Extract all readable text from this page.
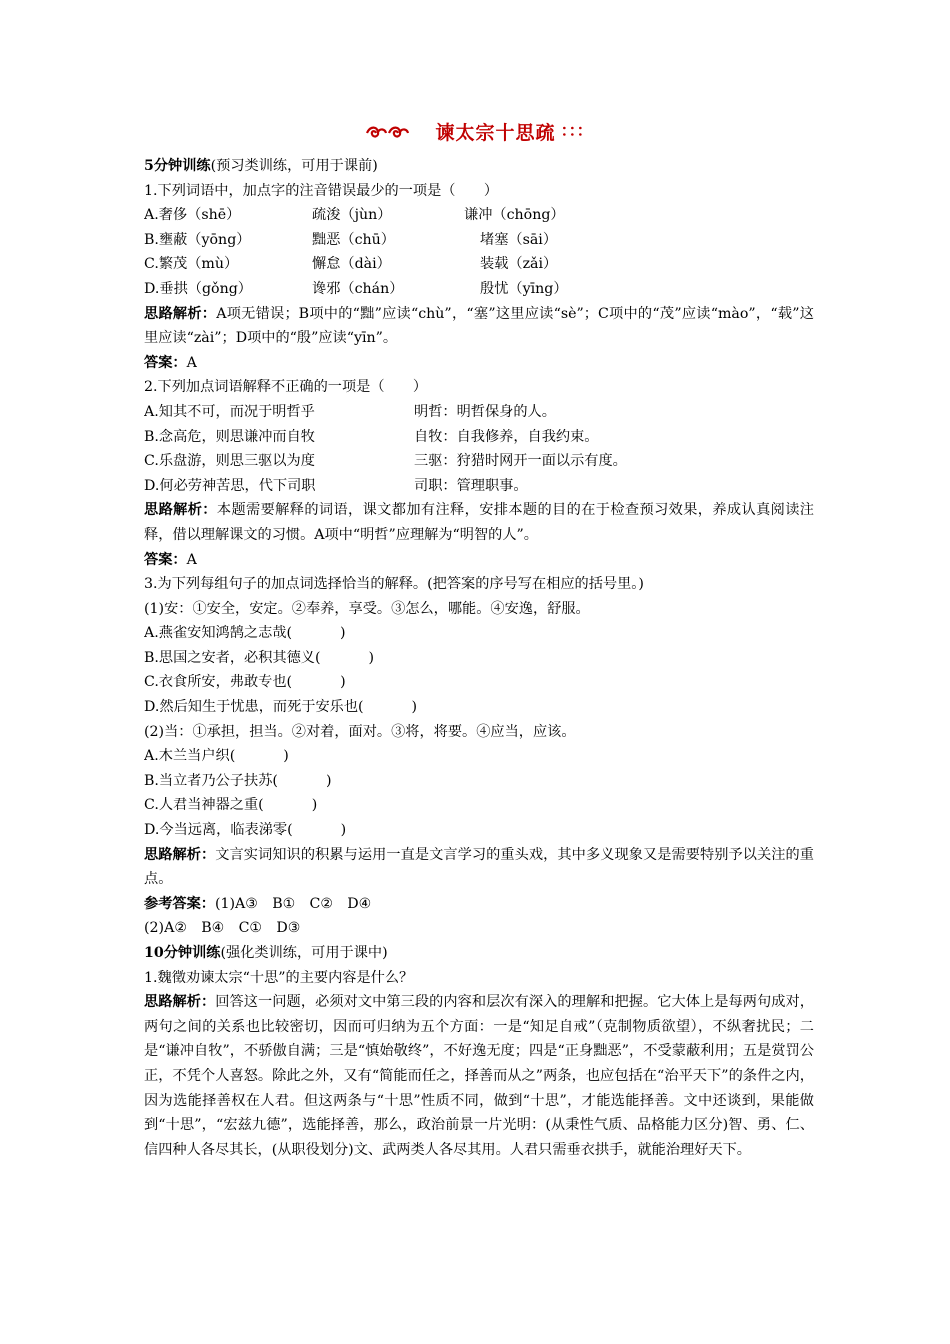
谏太宗十思疏 ：：：
5分钟训练(预习类训练，可用于课前)
1.下列词语中，加点字的注音错误最少的一项是（　　）
A.奢侈（shē）	疏浚（jùn）	谦冲（chōng）
B.壅蔽（yōng）	黜恶（chū）	堵塞（sāi）
C.繁茂（mù）	懈怠（dài）	装载（zǎi）
D.垂拱（gǒng）	谗邪（chán）	殷忧（yīng）
思路解析：A项无错误；B项中的“黜”应读“chù”，“塞”这里应读“sè”；C项中的“茂”应读“mào”，“载”这里应读“zài”；D项中的“殷”应读“yīn”。
答案：A
2.下列加点词语解释不正确的一项是（　　）
A.知其不可，而况于明哲乎	明哲：明哲保身的人。
B.念高危，则思谦冲而自牧	自牧：自我修养，自我约束。
C.乐盘游，则思三驱以为度	三驱：狩猎时网开一面以示有度。
D.何必劳神苦思，代下司职	司职：管理职事。
思路解析：本题需要解释的词语，课文都加有注释，安排本题的目的在于检查预习效果，养成认真阅读注释，借以理解课文的习惯。A项中“明哲”应理解为“明智的人”。
答案：A
3.为下列每组句子的加点词选择恰当的解释。(把答案的序号写在相应的括号里。)
(1)安：①安全，安定。②奉养，享受。③怎么，哪能。④安逸，舒服。
A.燕雀安知鸿鹄之志哉(	)
B.思国之安者，必积其德义(	)
C.衣食所安，弗敢专也(	)
D.然后知生于忧患，而死于安乐也(	)
(2)当：①承担，担当。②对着，面对。③将，将要。④应当，应该。
A.木兰当户织(	)
B.当立者乃公子扶苏(	)
C.人君当神器之重(	)
D.今当远离，临表涕零(	)
思路解析：文言实词知识的积累与运用一直是文言学习的重头戏，其中多义现象又是需要特别予以关注的重点。
参考答案：(1)A③　B①　C②　D④
(2)A②　B④　C①　D③
10分钟训练(强化类训练，可用于课中)
1.魏徵劝谏太宗“十思”的主要内容是什么？
思路解析：回答这一问题，必须对文中第三段的内容和层次有深入的理解和把握。它大体上是每两句成对，两句之间的关系也比较密切，因而可归纳为五个方面：一是“知足自戒”（克制物质欲望），不纵奢扰民；二是“谦冲自牧”，不骄傲自满；三是“慎始敬终”，不好逸无度；四是“正身黜恶”，不受蒙蔽利用；五是赏罚公正，不凭个人喜怒。除此之外，又有“简能而任之，择善而从之”两条，也应包括在“治平天下”的条件之内，因为选能择善权在人君。但这两条与“十思”性质不同，做到“十思”，才能选能择善。文中还谈到，果能做到“十思”，“宏兹九德”，选能择善，那么，政治前景一片光明：(从秉性气质、品格能力区分)智、勇、仁、信四种人各尽其长，(从职役划分)文、武两类人各尽其用。人君只需垂衣拱手，就能治理好天下。
